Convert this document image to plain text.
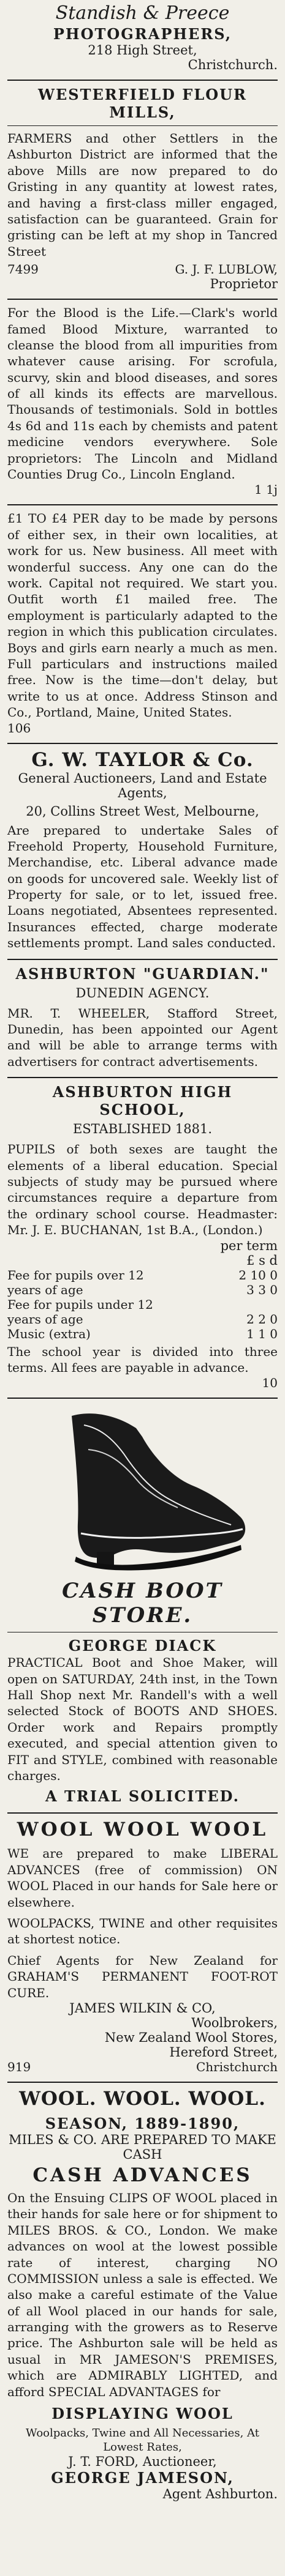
Standish & Preece
PHOTOGRAPHERS,
218 High Street,
Christchurch.
WESTERFIELD FLOUR MILLS,

FARMERS and other Settlers in the Ashburton District are informed that the above Mills are now prepared to do Gristing in any quantity at lowest rates, and having a first-class miller engaged, satisfaction can be guaranteed. Grain for gristing can be left at my shop in Tancred Street

7499	G. J. F. LUBLOW,
Proprietor

For the Blood is the Life.—Clark's world famed Blood Mixture, warranted to cleanse the blood from all impurities from whatever cause arising. For scrofula, scurvy, skin and blood diseases, and sores of all kinds its effects are marvellous. Thousands of testimonials. Sold in bottles 4s 6d and 11s each by chemists and patent medicine vendors everywhere. Sole proprietors: The Lincoln and Midland Counties Drug Co., Lincoln England.

1 1j

£1 TO £4 PER day to be made by persons of either sex, in their own localities, at work for us. New business. All meet with wonderful success. Any one can do the work. Capital not required. We start you. Outfit worth £1 mailed free. The employment is particularly adapted to the region in which this publication circulates. Boys and girls earn nearly a much as men. Full particulars and instructions mailed free. Now is the time—don't delay, but write to us at once. Address Stinson and Co., Portland, Maine, United States.

106
G. W. TAYLOR & Co.
General Auctioneers, Land and Estate Agents,
20, Collins Street West, Melbourne,

Are prepared to undertake Sales of Freehold Property, Household Furniture, Merchandise, etc. Liberal advance made on goods for uncovered sale. Weekly list of Property for sale, or to let, issued free. Loans negotiated, Absentees represented. Insurances effected, charge moderate settlements prompt. Land sales conducted.

ASHBURTON "GUARDIAN."
DUNEDIN AGENCY.

MR. T. WHEELER, Stafford Street, Dunedin, has been appointed our Agent and will be able to arrange terms with advertisers for contract advertisements.

ASHBURTON HIGH SCHOOL,
ESTABLISHED 1881.

PUPILS of both sexes are taught the elements of a liberal education. Special subjects of study may be pursued where circumstances require a departure from the ordinary school course. Headmaster: Mr. J. E. BUCHANAN, 1st B.A., (London.)

per term
£ s d
Fee for pupils over 12	2 10 0
years of age	3 3 0
Fee for pupils under 12
years of age	2 2 0
Music (extra)	1 1 0

The school year is divided into three terms. All fees are payable in advance.

10
CASH BOOT STORE.
GEORGE DIACK

PRACTICAL Boot and Shoe Maker, will open on SATURDAY, 24th inst, in the Town Hall Shop next Mr. Randell's with a well selected Stock of BOOTS AND SHOES. Order work and Repairs promptly executed, and special attention given to FIT and STYLE, combined with reasonable charges.

A TRIAL SOLICITED.
WOOL WOOL WOOL

WE are prepared to make LIBERAL ADVANCES (free of commission) ON WOOL Placed in our hands for Sale here or elsewhere.

WOOLPACKS, TWINE and other requisites at shortest notice.

Chief Agents for New Zealand for GRAHAM'S PERMANENT FOOT-ROT CURE.

JAMES WILKIN & CO,
Woolbrokers,
New Zealand Wool Stores,
Hereford Street,
919	Christchurch
WOOL. WOOL. WOOL.
SEASON, 1889-1890,
MILES & CO. ARE PREPARED TO MAKE CASH
CASH ADVANCES

On the Ensuing CLIPS OF WOOL placed in their hands for sale here or for shipment to MILES BROS. & CO., London. We make advances on wool at the lowest possible rate of interest, charging NO COMMISSION unless a sale is effected. We also make a careful estimate of the Value of all Wool placed in our hands for sale, arranging with the growers as to Reserve price. The Ashburton sale will be held as usual in MR JAMESON'S PREMISES, which are ADMIRABLY LIGHTED, and afford SPECIAL ADVANTAGES for

DISPLAYING WOOL

Woolpacks, Twine and All Necessaries, At Lowest Rates,

J. T. FORD, Auctioneer,
GEORGE JAMESON,
Agent Ashburton.
